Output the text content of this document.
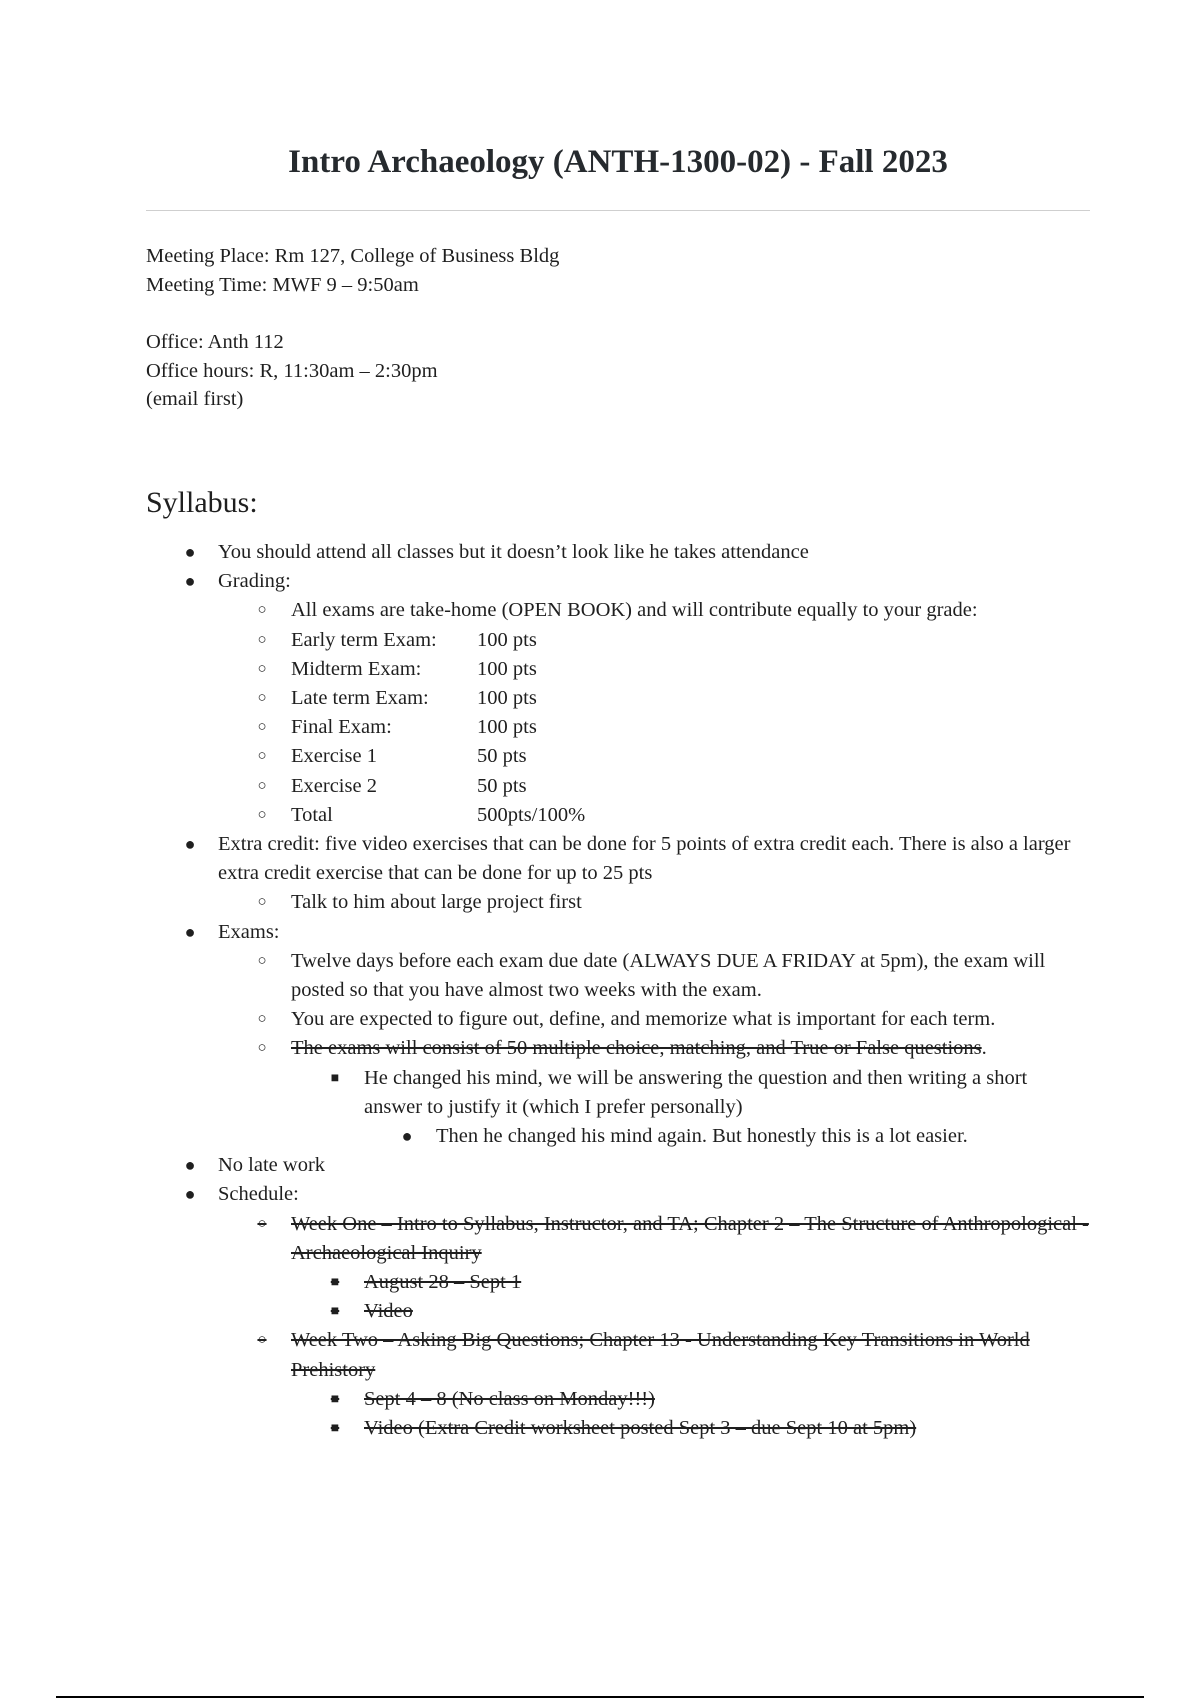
Intro Archaeology (ANTH-1300-02) - Fall 2023
Meeting Place: Rm 127, College of Business Bldg
Meeting Time: MWF 9 – 9:50am
Office: Anth 112
Office hours: R, 11:30am – 2:30pm
(email first)
Syllabus:
● You should attend all classes but it doesn’t look like he takes attendance
● Grading:
○ All exams are take-home (OPEN BOOK) and will contribute equally to your grade:
○ Early term Exam: 100 pts
○ Midterm Exam:	100 pts
○ Late term Exam: 100 pts
○ Final Exam:	100 pts
○ Exercise 1	50 pts
○ Exercise 2	50 pts
○ Total	500pts/100%
● Extra credit: five video exercises that can be done for 5 points of extra credit each. There is also a larger extra credit exercise that can be done for up to 25 pts
○ Talk to him about large project first
● Exams:
○ Twelve days before each exam due date (ALWAYS DUE A FRIDAY at 5pm), the exam will posted so that you have almost two weeks with the exam.
○ You are expected to figure out, define, and memorize what is important for each term.
○ The exams will consist of 50 multiple choice, matching, and True or False questions.
■ He changed his mind, we will be answering the question and then writing a short answer to justify it (which I prefer personally)
● Then he changed his mind again. But honestly this is a lot easier.
● No late work
● Schedule:
○ Week One – Intro to Syllabus, Instructor, and TA; Chapter 2 – The Structure of Anthropological - Archaeological Inquiry
■ August 28 – Sept 1
■ Video
○ Week Two – Asking Big Questions; Chapter 13 - Understanding Key Transitions in World Prehistory
■ Sept 4 – 8 (No class on Monday!!!)
■ Video (Extra Credit worksheet posted Sept 3 – due Sept 10 at 5pm)
